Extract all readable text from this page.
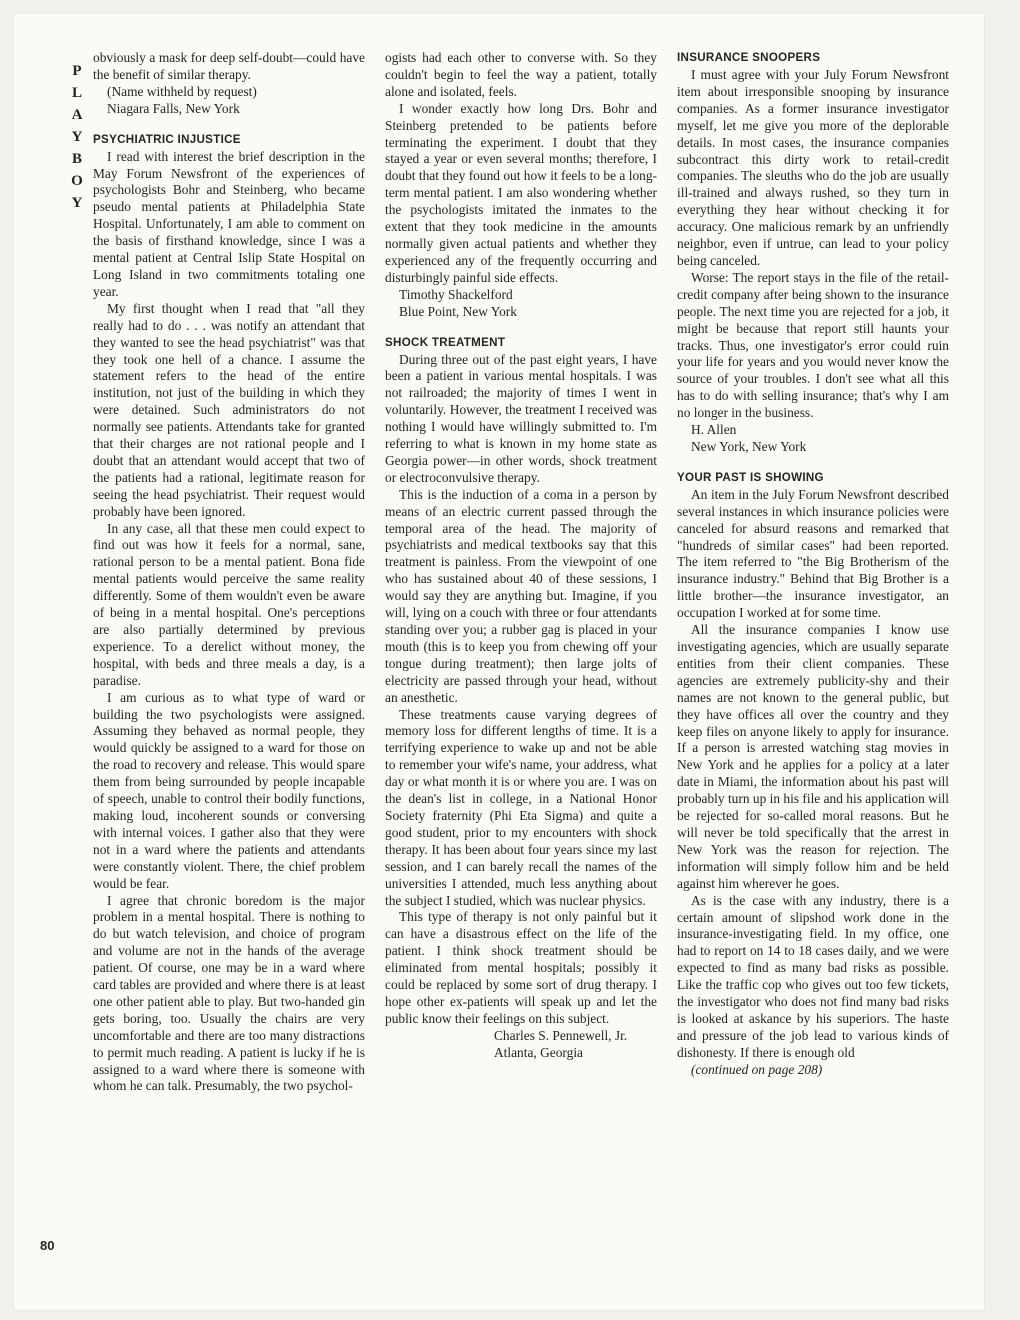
P
L
A
Y
B
O
Y
80

obviously a mask for deep self-doubt—could have the benefit of similar therapy.

(Name withheld by request)

Niagara Falls, New York

PSYCHIATRIC INJUSTICE

I read with interest the brief description in the May Forum Newsfront of the experiences of psychologists Bohr and Steinberg, who became pseudo mental patients at Philadelphia State Hospital. Unfortunately, I am able to comment on the basis of firsthand knowledge, since I was a mental patient at Central Islip State Hospital on Long Island in two commitments totaling one year.

My first thought when I read that "all they really had to do . . . was notify an attendant that they wanted to see the head psychiatrist" was that they took one hell of a chance. I assume the statement refers to the head of the entire institution, not just of the building in which they were detained. Such administrators do not normally see patients. Attendants take for granted that their charges are not rational people and I doubt that an attendant would accept that two of the patients had a rational, legitimate reason for seeing the head psychiatrist. Their request would probably have been ignored.

In any case, all that these men could expect to find out was how it feels for a normal, sane, rational person to be a mental patient. Bona fide mental patients would perceive the same reality differently. Some of them wouldn't even be aware of being in a mental hospital. One's perceptions are also partially determined by previous experience. To a derelict without money, the hospital, with beds and three meals a day, is a paradise.

I am curious as to what type of ward or building the two psychologists were assigned. Assuming they behaved as normal people, they would quickly be assigned to a ward for those on the road to recovery and release. This would spare them from being surrounded by people incapable of speech, unable to control their bodily functions, making loud, incoherent sounds or conversing with internal voices. I gather also that they were not in a ward where the patients and attendants were constantly violent. There, the chief problem would be fear.

I agree that chronic boredom is the major problem in a mental hospital. There is nothing to do but watch television, and choice of program and volume are not in the hands of the average patient. Of course, one may be in a ward where card tables are provided and where there is at least one other patient able to play. But two-handed gin gets boring, too. Usually the chairs are very uncomfortable and there are too many distractions to permit much reading. A patient is lucky if he is assigned to a ward where there is someone with whom he can talk. Presumably, the two psychol-

ogists had each other to converse with. So they couldn't begin to feel the way a patient, totally alone and isolated, feels.

I wonder exactly how long Drs. Bohr and Steinberg pretended to be patients before terminating the experiment. I doubt that they stayed a year or even several months; therefore, I doubt that they found out how it feels to be a long-term mental patient. I am also wondering whether the psychologists imitated the inmates to the extent that they took medicine in the amounts normally given actual patients and whether they experienced any of the frequently occurring and disturbingly painful side effects.

Timothy Shackelford

Blue Point, New York

SHOCK TREATMENT

During three out of the past eight years, I have been a patient in various mental hospitals. I was not railroaded; the majority of times I went in voluntarily. However, the treatment I received was nothing I would have willingly submitted to. I'm referring to what is known in my home state as Georgia power—in other words, shock treatment or electroconvulsive therapy.

This is the induction of a coma in a person by means of an electric current passed through the temporal area of the head. The majority of psychiatrists and medical textbooks say that this treatment is painless. From the viewpoint of one who has sustained about 40 of these sessions, I would say they are anything but. Imagine, if you will, lying on a couch with three or four attendants standing over you; a rubber gag is placed in your mouth (this is to keep you from chewing off your tongue during treatment); then large jolts of electricity are passed through your head, without an anesthetic.

These treatments cause varying degrees of memory loss for different lengths of time. It is a terrifying experience to wake up and not be able to remember your wife's name, your address, what day or what month it is or where you are. I was on the dean's list in college, in a National Honor Society fraternity (Phi Eta Sigma) and quite a good student, prior to my encounters with shock therapy. It has been about four years since my last session, and I can barely recall the names of the universities I attended, much less anything about the subject I studied, which was nuclear physics.

This type of therapy is not only painful but it can have a disastrous effect on the life of the patient. I think shock treatment should be eliminated from mental hospitals; possibly it could be replaced by some sort of drug therapy. I hope other ex-patients will speak up and let the public know their feelings on this subject.

Charles S. Pennewell, Jr.

Atlanta, Georgia

INSURANCE SNOOPERS

I must agree with your July Forum Newsfront item about irresponsible snooping by insurance companies. As a former insurance investigator myself, let me give you more of the deplorable details. In most cases, the insurance companies subcontract this dirty work to retail-credit companies. The sleuths who do the job are usually ill-trained and always rushed, so they turn in everything they hear without checking it for accuracy. One malicious remark by an unfriendly neighbor, even if untrue, can lead to your policy being canceled.

Worse: The report stays in the file of the retail-credit company after being shown to the insurance people. The next time you are rejected for a job, it might be because that report still haunts your tracks. Thus, one investigator's error could ruin your life for years and you would never know the source of your troubles. I don't see what all this has to do with selling insurance; that's why I am no longer in the business.

H. Allen

New York, New York

YOUR PAST IS SHOWING

An item in the July Forum Newsfront described several instances in which insurance policies were canceled for absurd reasons and remarked that "hundreds of similar cases" had been reported. The item referred to "the Big Brotherism of the insurance industry." Behind that Big Brother is a little brother—the insurance investigator, an occupation I worked at for some time.

All the insurance companies I know use investigating agencies, which are usually separate entities from their client companies. These agencies are extremely publicity-shy and their names are not known to the general public, but they have offices all over the country and they keep files on anyone likely to apply for insurance. If a person is arrested watching stag movies in New York and he applies for a policy at a later date in Miami, the information about his past will probably turn up in his file and his application will be rejected for so-called moral reasons. But he will never be told specifically that the arrest in New York was the reason for rejection. The information will simply follow him and be held against him wherever he goes.

As is the case with any industry, there is a certain amount of slipshod work done in the insurance-investigating field. In my office, one had to report on 14 to 18 cases daily, and we were expected to find as many bad risks as possible. Like the traffic cop who gives out too few tickets, the investigator who does not find many bad risks is looked at askance by his superiors. The haste and pressure of the job lead to various kinds of dishonesty. If there is enough old

(continued on page 208)
